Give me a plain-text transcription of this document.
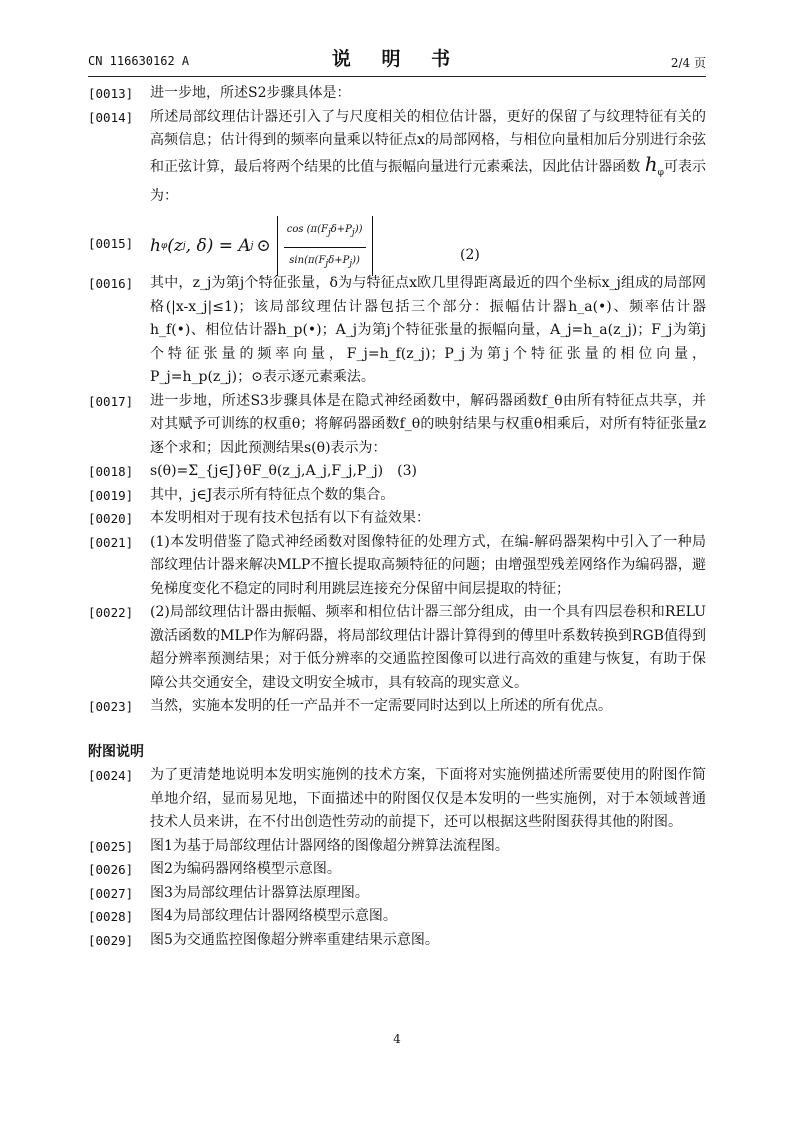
CN 116630162 A	说 明 书	2/4 页

[0013] 进一步地，所述S2步骤具体是：

[0014] 所述局部纹理估计器还引入了与尺度相关的相位估计器，更好的保留了与纹理特征有关的高频信息；估计得到的频率向量乘以特征点x的局部网格，与相位向量相加后分别进行余弦和正弦计算，最后将两个结果的比值与振幅向量进行元素乘法，因此估计器函数 $h_\varphi$可表示为：

[0015] h φ (z j , δ) = A j ⊙ $\frac{\cos (\pi(F_j\delta+P_j))}{\sin(\pi(F_j\delta+P_j))}$	(2)

[0016] 其中，z_j为第j个特征张量，δ为与特征点x欧几里得距离最近的四个坐标x_j组成的局部网格(|x-x_j|≤1)；该局部纹理估计器包括三个部分：振幅估计器h_a(•)、频率估计器h_f(•)、相位估计器h_p(•)；A_j为第j个特征张量的振幅向量，A_j=h_a(z_j)；F_j为第j个特征张量的频率向量，F_j=h_f(z_j)；P_j为第j个特征张量的相位向量，P_j=h_p(z_j)；⊙表示逐元素乘法。

[0017] 进一步地，所述S3步骤具体是在隐式神经函数中，解码器函数f_θ由所有特征点共享，并对其赋予可训练的权重θ；将解码器函数f_θ的映射结果与权重θ相乘后，对所有特征张量z逐个求和；因此预测结果s(θ)表示为：

[0018] s(θ)=Σ_{j∈J}θF_θ(z_j,A_j,F_j,P_j)　(3)

[0019] 其中，j∈J表示所有特征点个数的集合。

[0020] 本发明相对于现有技术包括有以下有益效果：

[0021] (1)本发明借鉴了隐式神经函数对图像特征的处理方式，在编-解码器架构中引入了一种局部纹理估计器来解决MLP不擅长提取高频特征的问题；由增强型残差网络作为编码器，避免梯度变化不稳定的同时利用跳层连接充分保留中间层提取的特征；

[0022] (2)局部纹理估计器由振幅、频率和相位估计器三部分组成，由一个具有四层卷积和RELU激活函数的MLP作为解码器，将局部纹理估计器计算得到的傅里叶系数转换到RGB值得到超分辨率预测结果；对于低分辨率的交通监控图像可以进行高效的重建与恢复，有助于保障公共交通安全，建设文明安全城市，具有较高的现实意义。

[0023] 当然，实施本发明的任一产品并不一定需要同时达到以上所述的所有优点。

附图说明

[0024] 为了更清楚地说明本发明实施例的技术方案，下面将对实施例描述所需要使用的附图作简单地介绍，显而易见地，下面描述中的附图仅仅是本发明的一些实施例，对于本领域普通技术人员来讲，在不付出创造性劳动的前提下，还可以根据这些附图获得其他的附图。

[0025] 图1为基于局部纹理估计器网络的图像超分辨算法流程图。

[0026] 图2为编码器网络模型示意图。

[0027] 图3为局部纹理估计器算法原理图。

[0028] 图4为局部纹理估计器网络模型示意图。

[0029] 图5为交通监控图像超分辨率重建结果示意图。

4
